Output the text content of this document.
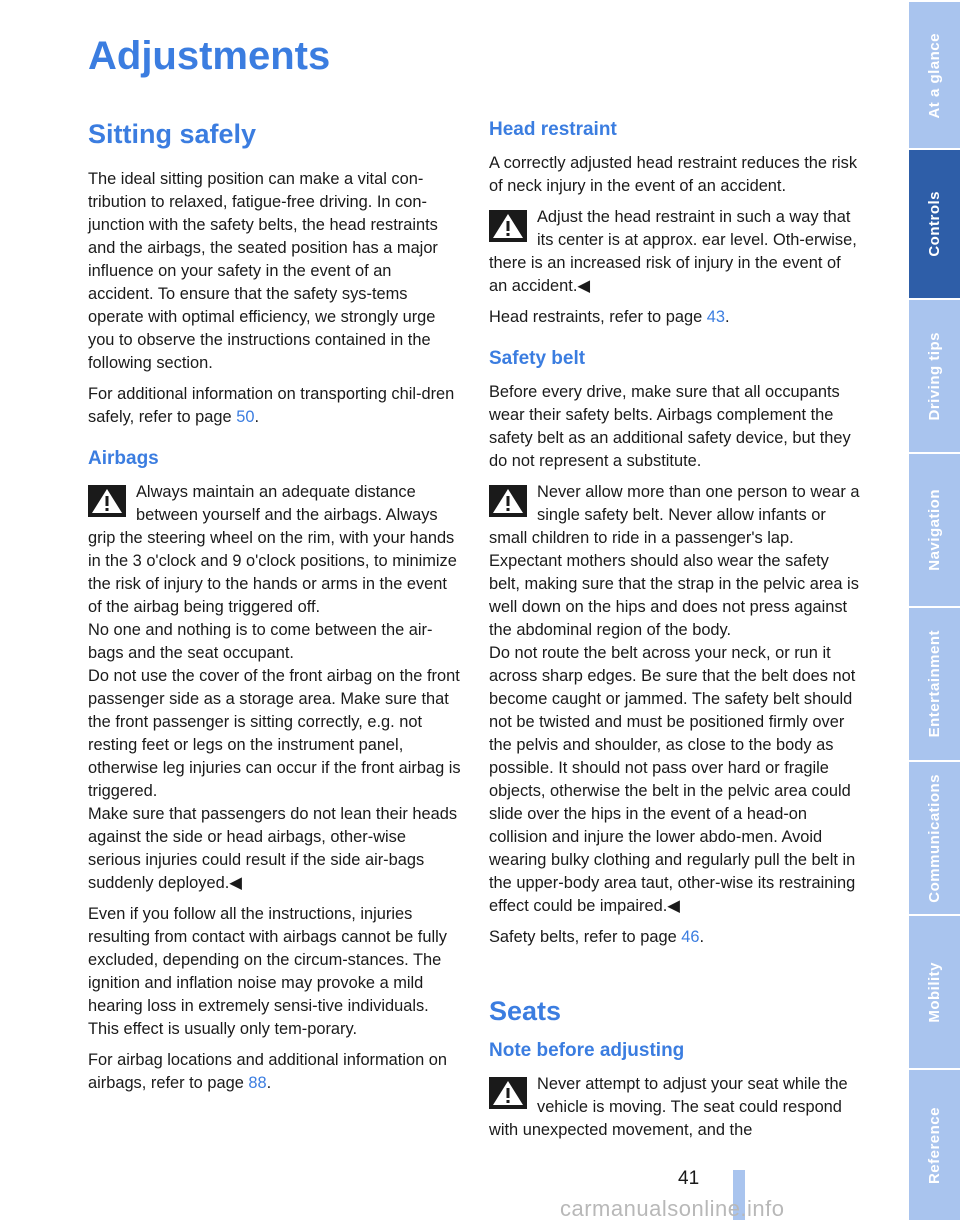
Adjustments
Sitting safely

The ideal sitting position can make a vital con-tribution to relaxed, fatigue-free driving. In con-junction with the safety belts, the head restraints and the airbags, the seated position has a major influence on your safety in the event of an accident. To ensure that the safety sys-tems operate with optimal efficiency, we strongly urge you to observe the instructions contained in the following section.

For additional information on transporting chil-dren safely, refer to page 50.

Airbags
Always maintain an adequate distance between yourself and the airbags. Always grip the steering wheel on the rim, with your hands in the 3 o'clock and 9 o'clock positions, to minimize the risk of injury to the hands or arms in the event of the airbag being triggered off.
No one and nothing is to come between the air-bags and the seat occupant.
Do not use the cover of the front airbag on the front passenger side as a storage area. Make sure that the front passenger is sitting correctly, e.g. not resting feet or legs on the instrument panel, otherwise leg injuries can occur if the front airbag is triggered.
Make sure that passengers do not lean their heads against the side or head airbags, other-wise serious injuries could result if the side air-bags suddenly deployed.◀

Even if you follow all the instructions, injuries resulting from contact with airbags cannot be fully excluded, depending on the circum-stances. The ignition and inflation noise may provoke a mild hearing loss in extremely sensi-tive individuals. This effect is usually only tem-porary.

For airbag locations and additional information on airbags, refer to page 88.

Head restraint

A correctly adjusted head restraint reduces the risk of neck injury in the event of an accident.

Adjust the head restraint in such a way that its center is at approx. ear level. Oth-erwise, there is an increased risk of injury in the event of an accident.◀

Head restraints, refer to page 43.

Safety belt

Before every drive, make sure that all occupants wear their safety belts. Airbags complement the safety belt as an additional safety device, but they do not represent a substitute.

Never allow more than one person to wear a single safety belt. Never allow infants or small children to ride in a passenger's lap.
Expectant mothers should also wear the safety belt, making sure that the strap in the pelvic area is well down on the hips and does not press against the abdominal region of the body.
Do not route the belt across your neck, or run it across sharp edges. Be sure that the belt does not become caught or jammed. The safety belt should not be twisted and must be positioned firmly over the pelvis and shoulder, as close to the body as possible. It should not pass over hard or fragile objects, otherwise the belt in the pelvic area could slide over the hips in the event of a head-on collision and injure the lower abdo-men. Avoid wearing bulky clothing and regularly pull the belt in the upper-body area taut, other-wise its restraining effect could be impaired.◀

Safety belts, refer to page 46.

Seats
Note before adjusting
Never attempt to adjust your seat while the vehicle is moving. The seat could respond with unexpected movement, and the
At a glance
Controls
Driving tips
Navigation
Entertainment
Communications
Mobility
Reference
41
carmanualsonline.info
